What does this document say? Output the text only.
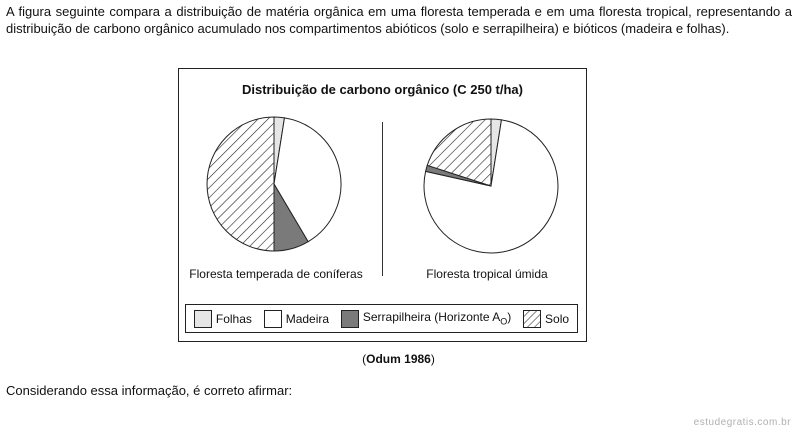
A figura seguinte compara a distribuição de matéria orgânica em uma floresta temperada e em uma floresta tropical, representando a distribuição de carbono orgânico acumulado nos compartimentos abióticos (solo e serrapilheira) e bióticos (madeira e folhas).

Distribuição de carbono orgânico (C 250 t/ha)
Floresta temperada de coníferas	Floresta tropical úmida
Folhas	Madeira	Serrapilheira (Horizonte $A_O$)	Solo
(Odum 1986)
Considerando essa informação, é correto afirmar:
estudegratis.com.br
